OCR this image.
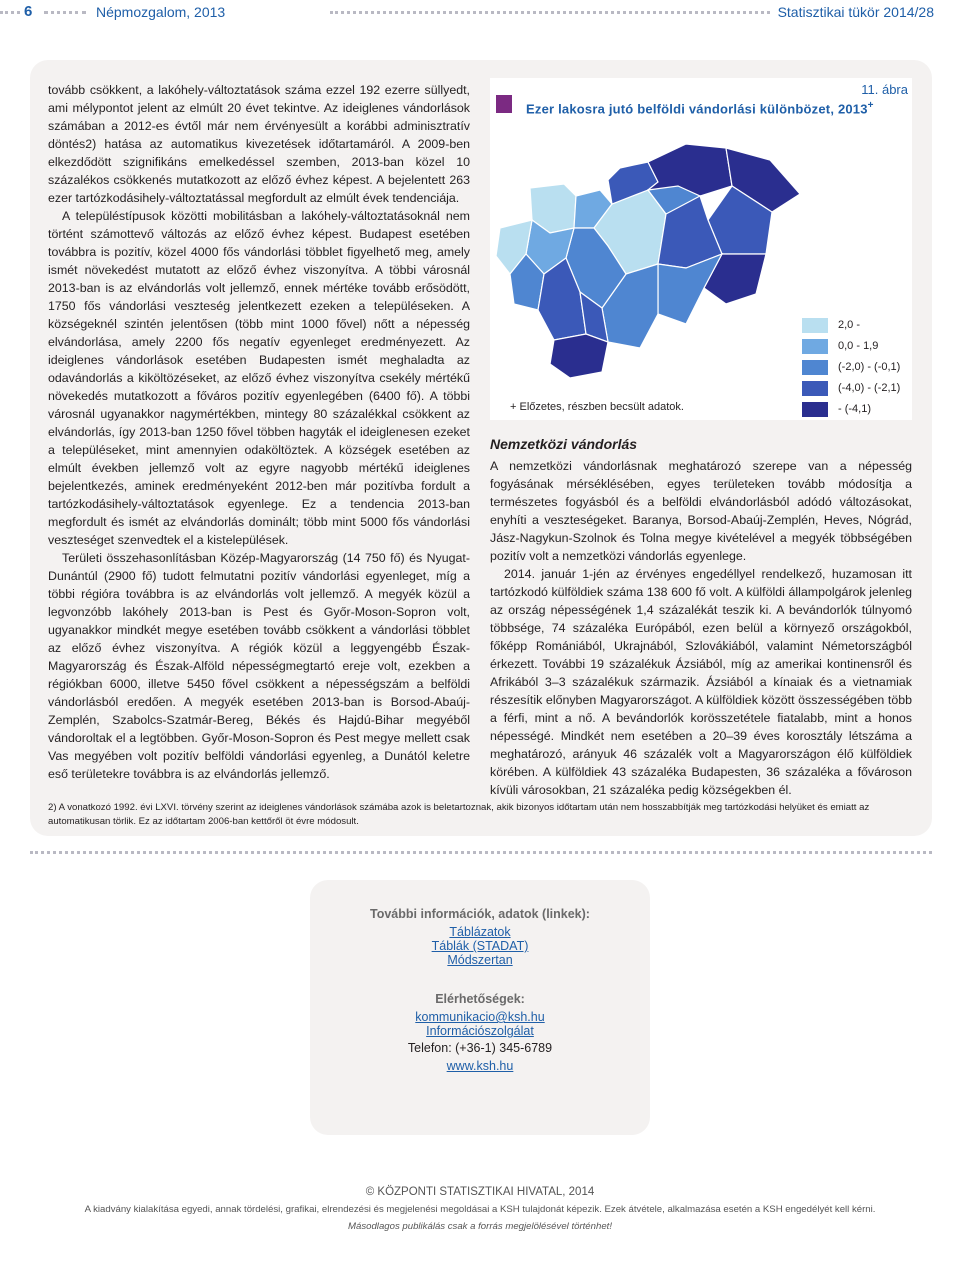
6	Népmozgalom, 2013	Statisztikai tükör 2014/28

tovább csökkent, a lakóhely-változtatások száma ezzel 192 ezerre süllyedt, ami mélypontot jelent az elmúlt 20 évet tekintve. Az ideiglenes vándorlások számában a 2012-es évtől már nem érvényesült a korábbi adminisztratív döntés2) hatása az automatikus kivezetések időtartamáról. A 2009-ben elkezdődött szignifikáns emelkedéssel szemben, 2013-ban közel 10 százalékos csökkenés mutatkozott az előző évhez képest. A bejelentett 263 ezer tartózkodásihely-változtatással megfordult az elmúlt évek tendenciája.

A településtípusok közötti mobilitásban a lakóhely-változtatásoknál nem történt számottevő változás az előző évhez képest. Budapest esetében továbbra is pozitív, közel 4000 fős vándorlási többlet figyelhető meg, amely ismét növekedést mutatott az előző évhez viszonyítva. A többi városnál 2013-ban is az elvándorlás volt jellemző, ennek mértéke tovább erősödött, 1750 fős vándorlási veszteség jelentkezett ezeken a településeken. A községeknél szintén jelentősen (több mint 1000 fővel) nőtt a népesség elvándorlása, amely 2200 fős negatív egyenleget eredményezett. Az ideiglenes vándorlások esetében Budapesten ismét meghaladta az odavándorlás a kiköltözéseket, az előző évhez viszonyítva csekély mértékű növekedés mutatkozott a főváros pozitív egyenlegében (6400 fő). A többi városnál ugyanakkor nagymértékben, mintegy 80 százalékkal csökkent az elvándorlás, így 2013-ban 1250 fővel többen hagyták el ideiglenesen ezeket a településeket, mint amennyien odaköltöztek. A községek esetében az elmúlt években jellemző volt az egyre nagyobb mértékű ideiglenes bejelentkezés, aminek eredményeként 2012-ben már pozitívba fordult a tartózkodásihely-változtatások egyenlege. Ez a tendencia 2013-ban megfordult és ismét az elvándorlás dominált; több mint 5000 fős vándorlási veszteséget szenvedtek el a kistelepülések.

Területi összehasonlításban Közép-Magyarország (14 750 fő) és Nyugat-Dunántúl (2900 fő) tudott felmutatni pozitív vándorlási egyenleget, míg a többi régióra továbbra is az elvándorlás volt jellemző. A megyék közül a legvonzóbb lakóhely 2013-ban is Pest és Győr-Moson-Sopron volt, ugyanakkor mindkét megye esetében tovább csökkent a vándorlási többlet az előző évhez viszonyítva. A régiók közül a leggyengébb Észak-Magyarország és Észak-Alföld népességmegtartó ereje volt, ezekben a régiókban 6000, illetve 5450 fővel csökkent a népességszám a belföldi vándorlásból eredően. A megyék esetében 2013-ban is Borsod-Abaúj-Zemplén, Szabolcs-Szatmár-Bereg, Békés és Hajdú-Bihar megyéből vándoroltak el a legtöbben. Győr-Moson-Sopron és Pest megye mellett csak Vas megyében volt pozitív belföldi vándorlási egyenleg, a Dunától keletre eső területekre továbbra is az elvándorlás jellemző.

11. ábra
Ezer lakosra jutó belföldi vándorlási különbözet, 2013+
2,0 -
0,0 - 1,9
(-2,0) - (-0,1)
(-4,0) - (-2,1)
- (-4,1)
+ Előzetes, részben becsült adatok.
Nemzetközi vándorlás

A nemzetközi vándorlásnak meghatározó szerepe van a népesség fogyásának mérséklésében, egyes területeken tovább módosítja a természetes fogyásból és a belföldi elvándorlásból adódó változásokat, enyhíti a veszteségeket. Baranya, Borsod-Abaúj-Zemplén, Heves, Nógrád, Jász-Nagykun-Szolnok és Tolna megye kivételével a megyék többségében pozitív volt a nemzetközi vándorlás egyenlege.

2014. január 1-jén az érvényes engedéllyel rendelkező, huzamosan itt tartózkodó külföldiek száma 138 600 fő volt. A külföldi állampolgárok jelenleg az ország népességének 1,4 százalékát teszik ki. A bevándorlók túlnyomó többsége, 74 százaléka Európából, ezen belül a környező országokból, főképp Romániából, Ukrajnából, Szlovákiából, valamint Németországból érkezett. További 19 százalékuk Ázsiából, míg az amerikai kontinensről és Afrikából 3–3 százalékuk származik. Ázsiából a kínaiak és a vietnamiak részesítik előnyben Magyarországot. A külföldiek között összességében több a férfi, mint a nő. A bevándorlók korösszetétele fiatalabb, mint a honos népességé. Mindkét nem esetében a 20–39 éves korosztály létszáma a meghatározó, arányuk 46 százalék volt a Magyarországon élő külföldiek körében. A külföldiek 43 százaléka Budapesten, 36 százaléka a fővároson kívüli városokban, 21 százaléka pedig községekben él.

2) A vonatkozó 1992. évi LXVI. törvény szerint az ideiglenes vándorlások számába azok is beletartoznak, akik bizonyos időtartam után nem hosszabbítják meg tartózkodási helyüket és emiatt az automatikusan törlik. Ez az időtartam 2006-ban kettőről öt évre módosult.
További információk, adatok (linkek):
Táblázatok
Táblák (STADAT)
Módszertan
Elérhetőségek:
kommunikacio@ksh.hu
Információszolgálat
Telefon: (+36-1) 345-6789
www.ksh.hu
© KÖZPONTI STATISZTIKAI HIVATAL, 2014
A kiadvány kialakítása egyedi, annak tördelési, grafikai, elrendezési és megjelenési megoldásai a KSH tulajdonát képezik. Ezek átvétele, alkalmazása esetén a KSH engedélyét kell kérni.
Másodlagos publikálás csak a forrás megjelölésével történhet!
